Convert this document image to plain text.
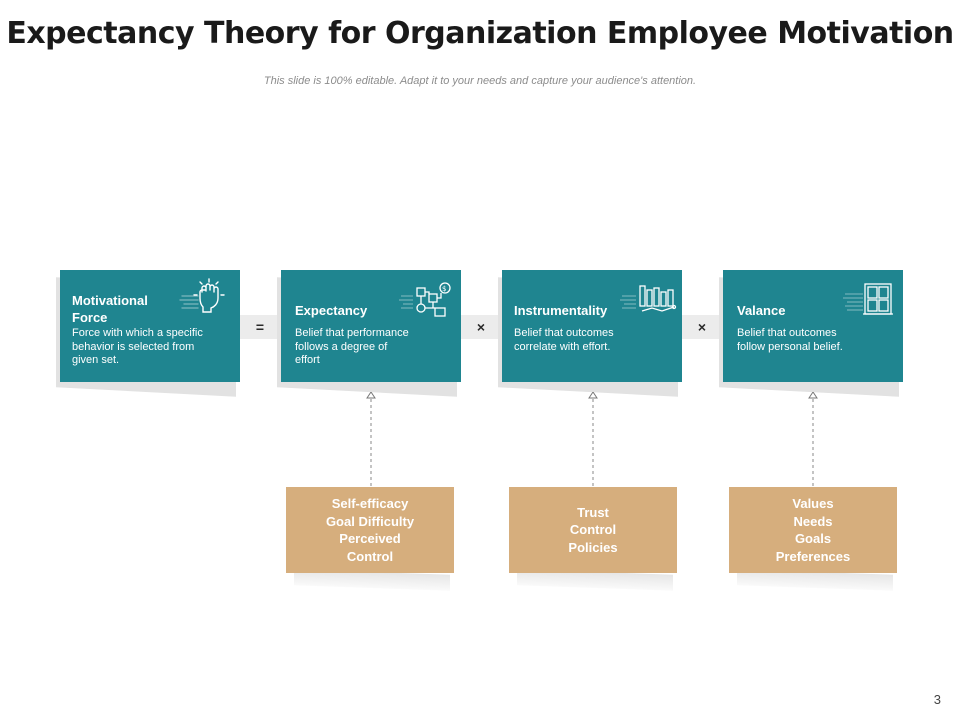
Expectancy Theory for Organization Employee Motivation
This slide is 100% editable. Adapt it to your needs and capture your audience's attention.
Motivational Force
Force with which a specific behavior is selected from given set.
Expectancy
Belief that performance follows a degree of effort
$
Instrumentality
Belief that outcomes correlate with effort.
Valance
Belief that outcomes follow personal belief.
=	×	×
Self-efficacy
Goal Difficulty
Perceived
Control
Trust
Control
Policies
Values
Needs
Goals
Preferences
3
